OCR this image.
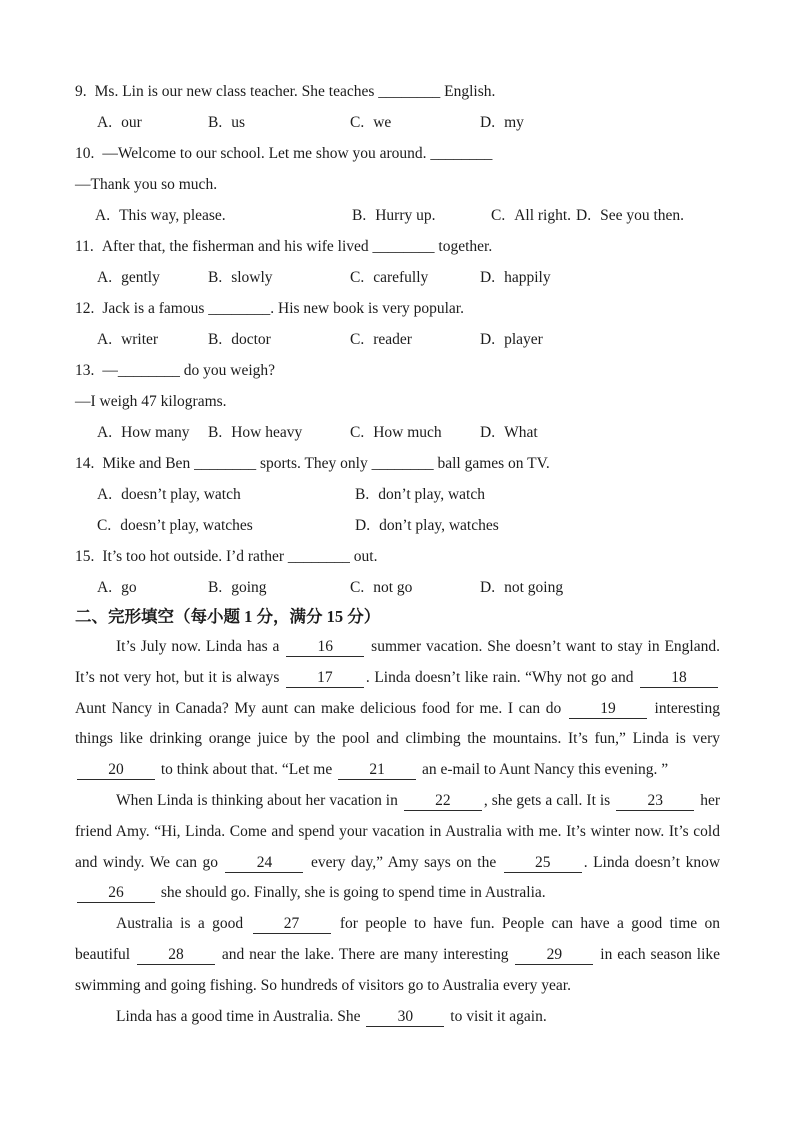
9. Ms. Lin is our new class teacher. She teaches ________ English.
A. our	B. us	C. we	D. my
10. —Welcome to our school. Let me show you around. ________
—Thank you so much.
A. This way, please.	B. Hurry up.	C. All right. D. See you then.
11. After that, the fisherman and his wife lived ________ together.
A. gently	B. slowly	C. carefully	D. happily
12. Jack is a famous ________. His new book is very popular.
A. writer	B. doctor	C. reader	D. player
13. —________ do you weigh?
—I weigh 47 kilograms.
A. How many	B. How heavy	C. How much	D. What
14. Mike and Ben ________ sports. They only ________ ball games on TV.
A. doesn’t play, watch	B. don’t play, watch
C. doesn’t play, watches	D. don’t play, watches
15. It’s too hot outside. I’d rather ________ out.
A. go	B. going	C. not go	D. not going
二、完形填空（每小题 1 分，满分 15 分）
It’s July now. Linda has a 16 summer vacation. She doesn’t want to stay in England. It’s not very hot, but it is always 17 . Linda doesn’t like rain. “Why not go and 18 Aunt Nancy in Canada? My aunt can make delicious food for me. I can do 19 interesting things like drinking orange juice by the pool and climbing the mountains. It’s fun,” Linda is very 20 to think about that. “Let me 21 an e-mail to Aunt Nancy this evening. ”
When Linda is thinking about her vacation in 22 , she gets a call. It is 23 her friend Amy. “Hi, Linda. Come and spend your vacation in Australia with me. It’s winter now. It’s cold and windy. We can go 24 every day,” Amy says on the 25 . Linda doesn’t know 26 she should go. Finally, she is going to spend time in Australia.
Australia is a good 27 for people to have fun. People can have a good time on beautiful 28 and near the lake. There are many interesting 29 in each season like swimming and going fishing. So hundreds of visitors go to Australia every year.
Linda has a good time in Australia. She 30 to visit it again.
